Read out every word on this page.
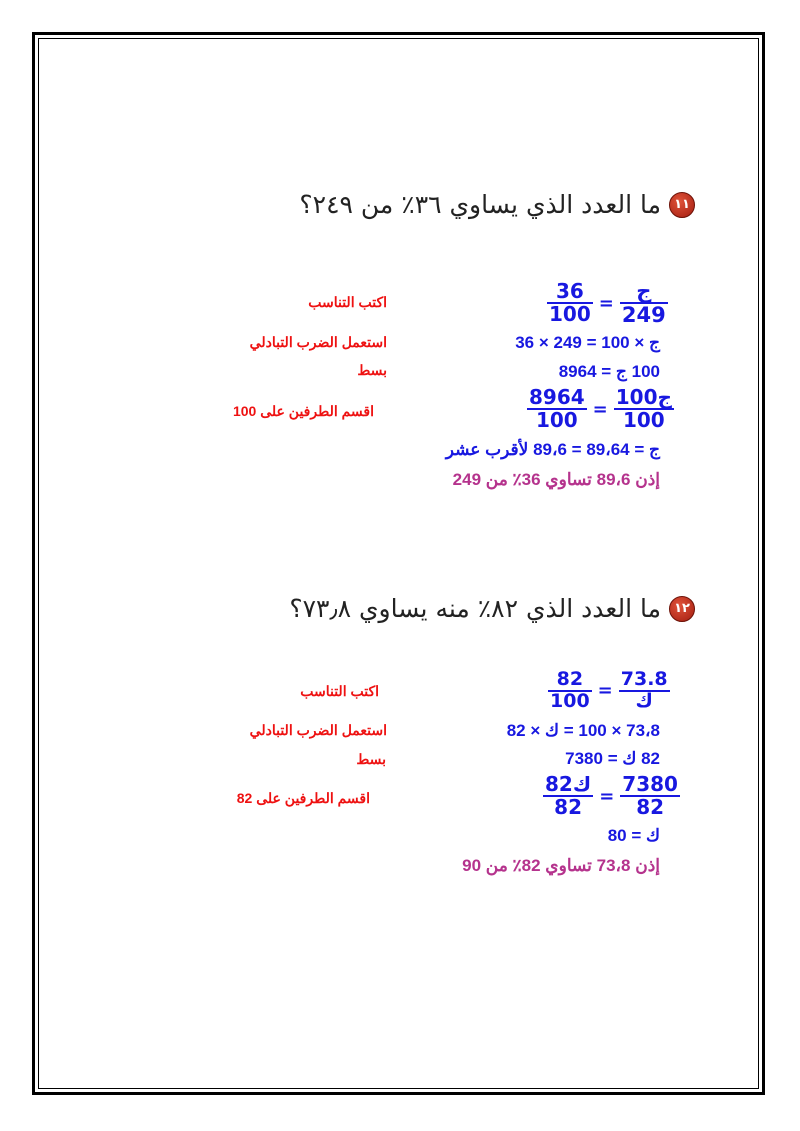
١١
ما العدد الذي يساوي ٣٦٪ من ٢٤٩؟
$\frac{36}{100} = \frac{\text{ج}}{249}$
اكتب التناسب
ج × 100 = 249 × 36
استعمل الضرب التبادلي
100 ج = 8964
بسط
$\frac{8964}{100} = \frac{\text{100ج}}{100}$
اقسم الطرفين على 100
ج = 89،64 = 89،6 لأقرب عشر
إذن 89،6 تساوي 36٪ من 249
١٢
ما العدد الذي ٨٢٪ منه يساوي ٧٣٫٨؟
$\frac{82}{100} = \frac{73.8}{\text{ك}}$
اكتب التناسب
73،8 × 100 = ك × 82
استعمل الضرب التبادلي
82 ك = 7380
بسط
$\frac{\text{82ك}}{82} = \frac{7380}{82}$
اقسم الطرفين على 82
ك = 80
إذن 73،8 تساوي 82٪ من 90
